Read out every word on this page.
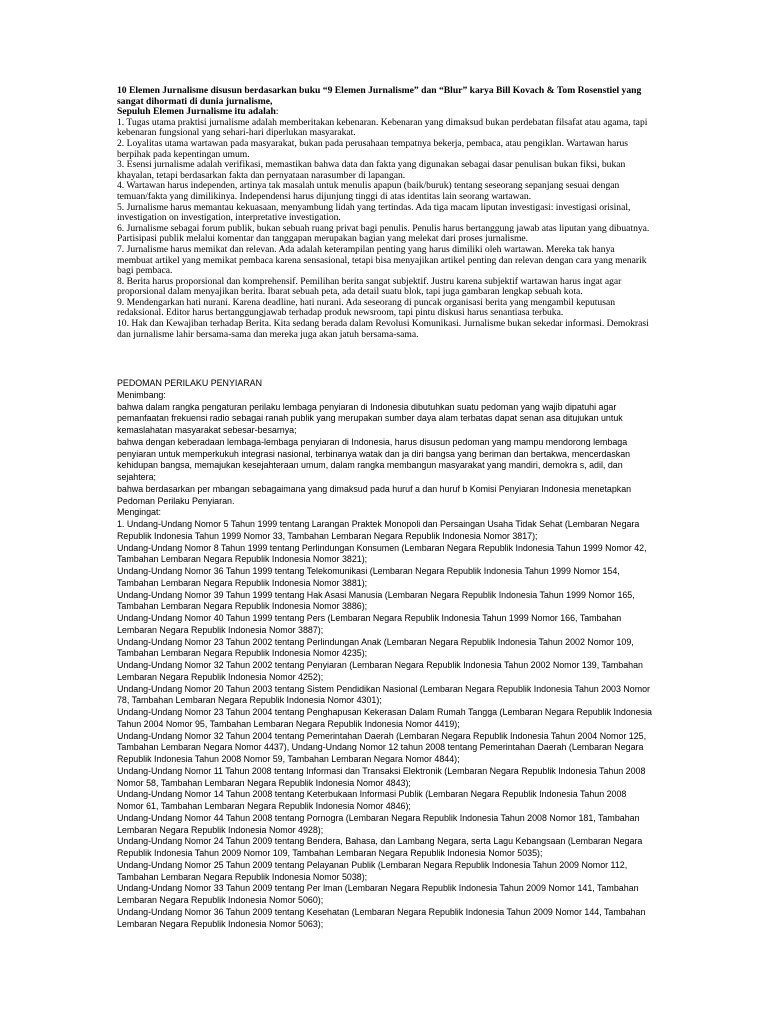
10 Elemen Jurnalisme disusun berdasarkan buku “9 Elemen Jurnalisme” dan “Blur” karya Bill Kovach & Tom Rosenstiel yang sangat dihormati di dunia jurnalisme,

Sepuluh Elemen Jurnalisme itu adalah:

1. Tugas utama praktisi jurnalisme adalah memberitakan kebenaran. Kebenaran yang dimaksud bukan perdebatan filsafat atau agama, tapi kebenaran fungsional yang sehari-hari diperlukan masyarakat.

2. Loyalitas utama wartawan pada masyarakat, bukan pada perusahaan tempatnya bekerja, pembaca, atau pengiklan. Wartawan harus berpihak pada kepentingan umum.

3. Esensi jurnalisme adalah verifikasi, memastikan bahwa data dan fakta yang digunakan sebagai dasar penulisan bukan fiksi, bukan khayalan, tetapi berdasarkan fakta dan pernyataan narasumber di lapangan.

4. Wartawan harus independen, artinya tak masalah untuk menulis apapun (baik/buruk) tentang seseorang sepanjang sesuai dengan temuan/fakta yang dimilikinya. Independensi harus dijunjung tinggi di atas identitas lain seorang wartawan.

5. Jurnalisme harus memantau kekuasaan, menyambung lidah yang tertindas. Ada tiga macam liputan investigasi: investigasi orisinal, investigation on investigation, interpretative investigation.

6. Jurnalisme sebagai forum publik, bukan sebuah ruang privat bagi penulis. Penulis harus bertanggung jawab atas liputan yang dibuatnya. Partisipasi publik melalui komentar dan tanggapan merupakan bagian yang melekat dari proses jurnalisme.

7. Jurnalisme harus memikat dan relevan. Ada adalah keterampilan penting yang harus dimiliki oleh wartawan. Mereka tak hanya membuat artikel yang memikat pembaca karena sensasional, tetapi bisa menyajikan artikel penting dan relevan dengan cara yang menarik bagi pembaca.

8. Berita harus proporsional dan komprehensif. Pemilihan berita sangat subjektif. Justru karena subjektif wartawan harus ingat agar proporsional dalam menyajikan berita. Ibarat sebuah peta, ada detail suatu blok, tapi juga gambaran lengkap sebuah kota.

9. Mendengarkan hati nurani. Karena deadline, hati nurani. Ada seseorang di puncak organisasi berita yang mengambil keputusan redaksional. Editor harus bertanggungjawab terhadap produk newsroom, tapi pintu diskusi harus senantiasa terbuka.

10. Hak dan Kewajiban terhadap Berita. Kita sedang berada dalam Revolusi Komunikasi. Jurnalisme bukan sekedar informasi. Demokrasi dan jurnalisme lahir bersama-sama dan mereka juga akan jatuh bersama-sama.

PEDOMAN PERILAKU PENYIARAN

Menimbang:

bahwa dalam rangka pengaturan perilaku lembaga penyiaran di Indonesia dibutuhkan suatu pedoman yang wajib dipatuhi agar pemanfaatan frekuensi radio sebagai ranah publik yang merupakan sumber daya alam terbatas dapat senan asa ditujukan untuk kemaslahatan masyarakat sebesar-besarnya;

bahwa dengan keberadaan lembaga-lembaga penyiaran di Indonesia, harus disusun pedoman yang mampu mendorong lembaga penyiaran untuk memperkukuh integrasi nasional, terbinanya watak dan ja diri bangsa yang beriman dan bertakwa, mencerdaskan kehidupan bangsa, memajukan kesejahteraan umum, dalam rangka membangun masyarakat yang mandiri, demokra s, adil, dan sejahtera;

bahwa berdasarkan per mbangan sebagaimana yang dimaksud pada huruf a dan huruf b Komisi Penyiaran Indonesia menetapkan Pedoman Perilaku Penyiaran.

Mengingat:

1. Undang-Undang Nomor 5 Tahun 1999 tentang Larangan Praktek Monopoli dan Persaingan Usaha Tidak Sehat (Lembaran Negara Republik Indonesia Tahun 1999 Nomor 33, Tambahan Lembaran Negara Republik Indonesia Nomor 3817);

Undang-Undang Nomor 8 Tahun 1999 tentang Perlindungan Konsumen (Lembaran Negara Republik Indonesia Tahun 1999 Nomor 42, Tambahan Lembaran Negara Republik Indonesia Nomor 3821);

Undang-Undang Nomor 36 Tahun 1999 tentang Telekomunikasi (Lembaran Negara Republik Indonesia Tahun 1999 Nomor 154, Tambahan Lembaran Negara Republik Indonesia Nomor 3881);

Undang-Undang Nomor 39 Tahun 1999 tentang Hak Asasi Manusia (Lembaran Negara Republik Indonesia Tahun 1999 Nomor 165, Tambahan Lembaran Negara Republik Indonesia Nomor 3886);

Undang-Undang Nomor 40 Tahun 1999 tentang Pers (Lembaran Negara Republik Indonesia Tahun 1999 Nomor 166, Tambahan Lembaran Negara Republik Indonesia Nomor 3887);

Undang-Undang Nomor 23 Tahun 2002 tentang Perlindungan Anak (Lembaran Negara Republik Indonesia Tahun 2002 Nomor 109, Tambahan Lembaran Negara Republik Indonesia Nomor 4235);

Undang-Undang Nomor 32 Tahun 2002 tentang Penyiaran (Lembaran Negara Republik Indonesia Tahun 2002 Nomor 139, Tambahan Lembaran Negara Republik Indonesia Nomor 4252);

Undang-Undang Nomor 20 Tahun 2003 tentang Sistem Pendidikan Nasional (Lembaran Negara Republik Indonesia Tahun 2003 Nomor 78, Tambahan Lembaran Negara Republik Indonesia Nomor 4301);

Undang-Undang Nomor 23 Tahun 2004 tentang Penghapusan Kekerasan Dalam Rumah Tangga (Lembaran Negara Republik Indonesia Tahun 2004 Nomor 95, Tambahan Lembaran Negara Republik Indonesia Nomor 4419);

Undang-Undang Nomor 32 Tahun 2004 tentang Pemerintahan Daerah (Lembaran Negara Republik Indonesia Tahun 2004 Nomor 125, Tambahan Lembaran Negara Nomor 4437), Undang-Undang Nomor 12 tahun 2008 tentang Pemerintahan Daerah (Lembaran Negara Republik Indonesia Tahun 2008 Nomor 59, Tambahan Lembaran Negara Nomor 4844);

Undang-Undang Nomor 11 Tahun 2008 tentang Informasi dan Transaksi Elektronik (Lembaran Negara Republik Indonesia Tahun 2008 Nomor 58, Tambahan Lembaran Negara Republik Indonesia Nomor 4843);

Undang-Undang Nomor 14 Tahun 2008 tentang Keterbukaan Informasi Publik (Lembaran Negara Republik Indonesia Tahun 2008 Nomor 61, Tambahan Lembaran Negara Republik Indonesia Nomor 4846);

Undang-Undang Nomor 44 Tahun 2008 tentang Pornogra (Lembaran Negara Republik Indonesia Tahun 2008 Nomor 181, Tambahan Lembaran Negara Republik Indonesia Nomor 4928);

Undang-Undang Nomor 24 Tahun 2009 tentang Bendera, Bahasa, dan Lambang Negara, serta Lagu Kebangsaan (Lembaran Negara Republik Indonesia Tahun 2009 Nomor 109, Tambahan Lembaran Negara Republik Indonesia Nomor 5035);

Undang-Undang Nomor 25 Tahun 2009 tentang Pelayanan Publik (Lembaran Negara Republik Indonesia Tahun 2009 Nomor 112, Tambahan Lembaran Negara Republik Indonesia Nomor 5038);

Undang-Undang Nomor 33 Tahun 2009 tentang Per lman (Lembaran Negara Republik Indonesia Tahun 2009 Nomor 141, Tambahan Lembaran Negara Republik Indonesia Nomor 5060);

Undang-Undang Nomor 36 Tahun 2009 tentang Kesehatan (Lembaran Negara Republik Indonesia Tahun 2009 Nomor 144, Tambahan Lembaran Negara Republik Indonesia Nomor 5063);
